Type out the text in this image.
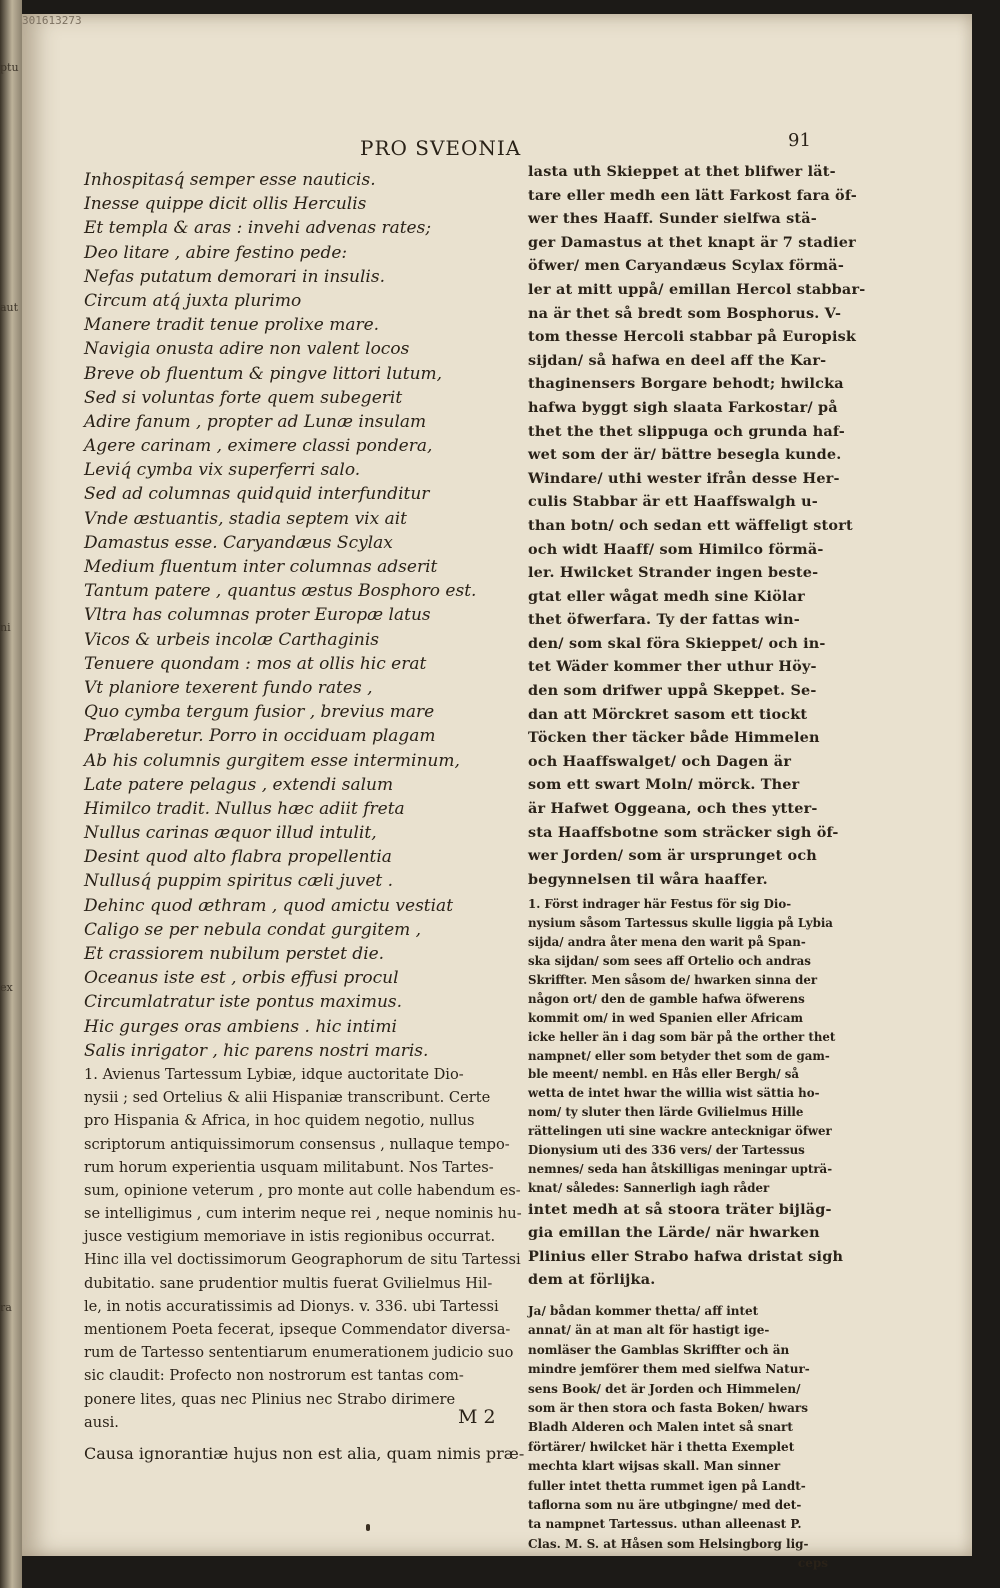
ptu
aut
ni
ex
ra
301613273
PRO SVEONIA	91
Inhospitasq́ semper esse nauticis.
Inesse quippe dicit ollis Herculis
Et templa & aras : invehi advenas rates;
Deo litare , abire festino pede:
Nefas putatum demorari in insulis.
Circum atq́ juxta plurimo
Manere tradit tenue prolixe mare.
Navigia onusta adire non valent locos
Breve ob fluentum & pingve littori lutum,
Sed si voluntas forte quem subegerit
Adire fanum , propter ad Lunæ insulam
Agere carinam , eximere classi pondera,
Leviq́ cymba vix superferri salo.
Sed ad columnas quidquid interfunditur
Vnde æstuantis, stadia septem vix ait
Damastus esse. Caryandæus Scylax
Medium fluentum inter columnas adserit
Tantum patere , quantus æstus Bosphoro est.
Vltra has columnas proter Europæ latus
Vicos & urbeis incolæ Carthaginis
Tenuere quondam : mos at ollis hic erat
Vt planiore texerent fundo rates ,
Quo cymba tergum fusior , brevius mare
Prælaberetur. Porro in occiduam plagam
Ab his columnis gurgitem esse interminum,
Late patere pelagus , extendi salum
Himilco tradit. Nullus hæc adiit freta
Nullus carinas æquor illud intulit,
Desint quod alto flabra propellentia
Nullusq́ puppim spiritus cæli juvet .
Dehinc quod æthram , quod amictu vestiat
Caligo se per nebula condat gurgitem ,
Et crassiorem nubilum perstet die.
Oceanus iste est , orbis effusi procul
Circumlatratur iste pontus maximus.
Hic gurges oras ambiens . hic intimi
Salis inrigator , hic parens nostri maris.
1. Avienus Tartessum Lybiæ, idque auctoritate Dio-
nysii ; sed Ortelius & alii Hispaniæ transcribunt. Certe
pro Hispania & Africa, in hoc quidem negotio, nullus
scriptorum antiquissimorum consensus , nullaque tempo-
rum horum experientia usquam militabunt. Nos Tartes-
sum, opinione veterum , pro monte aut colle habendum es-
se intelligimus , cum interim neque rei , neque nominis hu-
jusce vestigium memoriave in istis regionibus occurrat.
Hinc illa vel doctissimorum Geographorum de situ Tartessi
dubitatio. sane prudentior multis fuerat Gvilielmus Hil-
le, in notis accuratissimis ad Dionys. v. 336. ubi Tartessi
mentionem Poeta fecerat, ipseque Commendator diversa-
rum de Tartesso sententiarum enumerationem judicio suo
sic claudit: Profecto non nostrorum est tantas com-
ponere lites, quas nec Plinius nec Strabo dirimere
ausi.
Causa ignorantiæ hujus non est alia, quam nimis præ-
M 2
lasta uth Skieppet at thet blifwer lät-
tare eller medh een lätt Farkost fara öf-
wer thes Haaff. Sunder sielfwa stä-
ger Damastus at thet knapt är 7 stadier
öfwer/ men Caryandæus Scylax förmä-
ler at mitt uppå/ emillan Hercol stabbar-
na är thet så bredt som Bosphorus. V-
tom thesse Hercoli stabbar på Europisk
sijdan/ så hafwa en deel aff the Kar-
thaginensers Borgare behodt; hwilcka
hafwa byggt sigh slaata Farkostar/ på
thet the thet slippuga och grunda haf-
wet som der är/ bättre besegla kunde.
Windare/ uthi wester ifrån desse Her-
culis Stabbar är ett Haaffswalgh u-
than botn/ och sedan ett wäffeligt stort
och widt Haaff/ som Himilco förmä-
ler. Hwilcket Strander ingen beste-
gtat eller wågat medh sine Kiölar
thet öfwerfara. Ty der fattas win-
den/ som skal föra Skieppet/ och in-
tet Wäder kommer ther uthur Höy-
den som drifwer uppå Skeppet. Se-
dan att Mörckret sasom ett tiockt
Töcken ther täcker både Himmelen
och Haaffswalget/ och Dagen är
som ett swart Moln/ mörck. Ther
är Hafwet Oggeana, och thes ytter-
sta Haaffsbotne som sträcker sigh öf-
wer Jorden/ som är ursprunget och
begynnelsen til wåra haaffer.
1. Först indrager här Festus för sig Dio-
nysium såsom Tartessus skulle liggia på Lybia
sijda/ andra åter mena den warit på Span-
ska sijdan/ som sees aff Ortelio och andras
Skriffter. Men såsom de/ hwarken sinna der
någon ort/ den de gamble hafwa öfwerens
kommit om/ in wed Spanien eller Africam
icke heller än i dag som bär på the orther thet
nampnet/ eller som betyder thet som de gam-
ble meent/ nembl. en Hås eller Bergh/ så
wetta de intet hwar the willia wist sättia ho-
nom/ ty sluter then lärde Gvilielmus Hille
rättelingen uti sine wackre antecknigar öfwer
Dionysium uti des 336 vers/ der Tartessus
nemnes/ seda han åtskilligas meningar upträ-
knat/ således: Sannerligh iagh råder
intet medh at så stoora träter bijläg-
gia emillan the Lärde/ när hwarken
Plinius eller Strabo hafwa dristat sigh
dem at förlijka.
Ja/ bådan kommer thetta/ aff intet
annat/ än at man alt för hastigt ige-
nomläser the Gamblas Skriffter och än
mindre jemförer them med sielfwa Natur-
sens Book/ det är Jorden och Himmelen/
som är then stora och fasta Boken/ hwars
Bladh Alderen och Malen intet så snart
förtärer/ hwilcket här i thetta Exemplet
mechta klart wijsas skall. Man sinner
fuller intet thetta rummet igen på Landt-
taflorna som nu äre utbgingne/ med det-
ta nampnet Tartessus. uthan alleenast P.
Clas. M. S. at Håsen som Helsingborg lig-
ceps
